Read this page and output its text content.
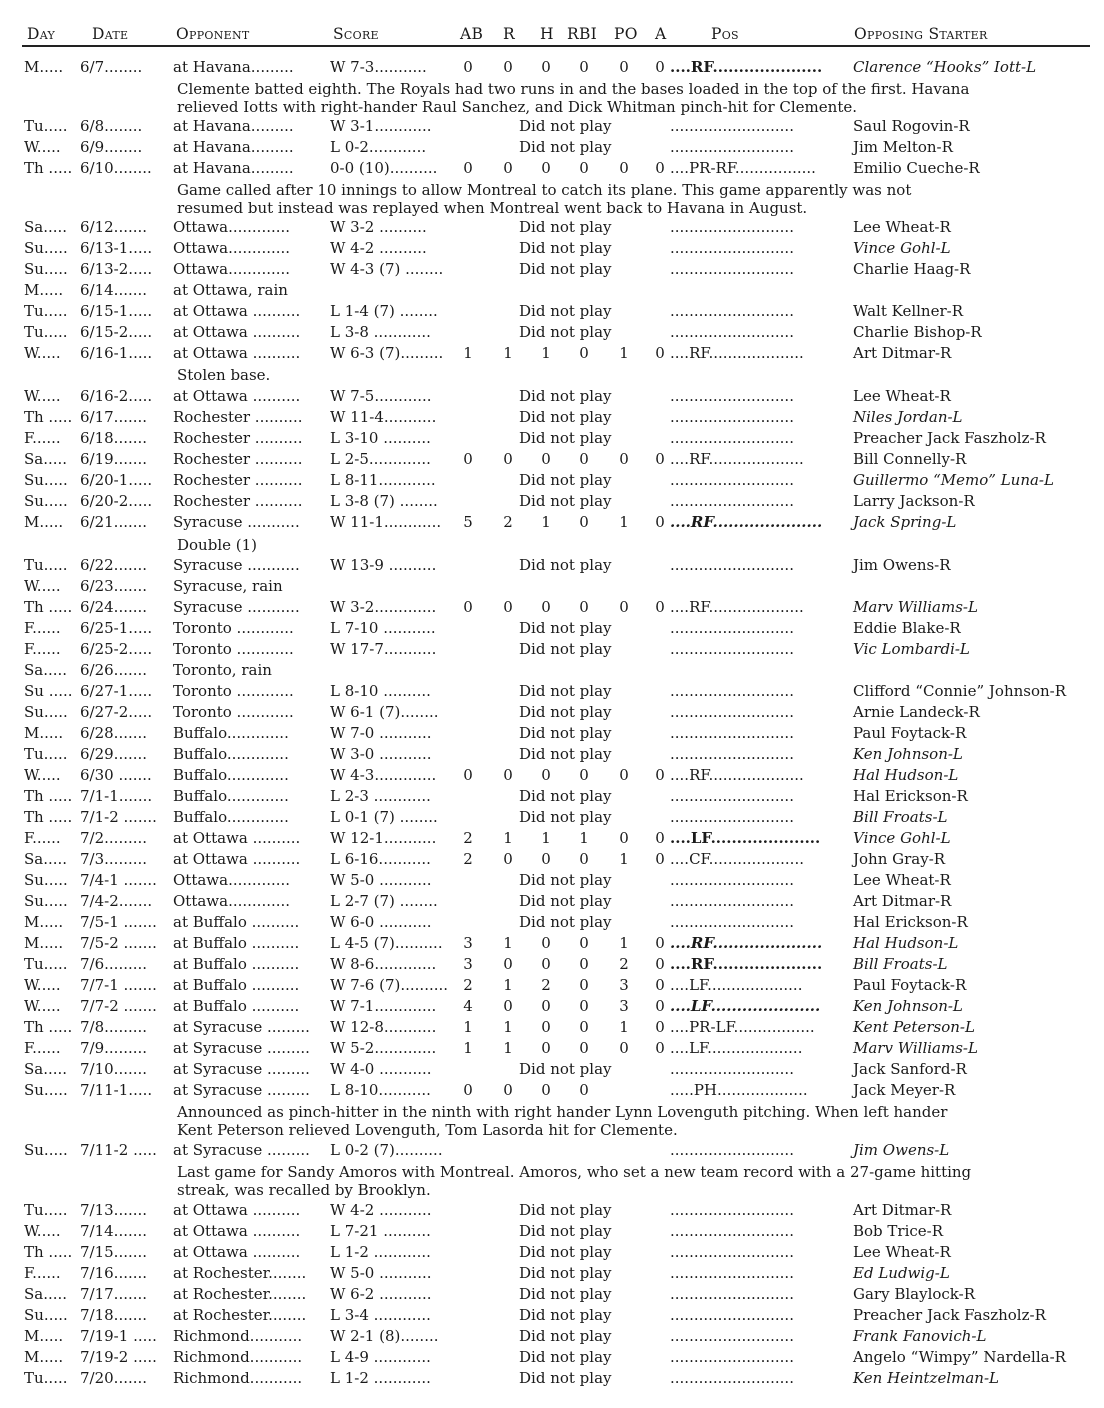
Day Date	Opponent	Score	AB R H RBI PO A	Pos	Opposing Starter
M.....	6/7........	at Havana.........	W 7-3...........	0	0	0	0	0	0 ....RF.....................	Clarence “Hooks” Iott-L
Clemente batted eighth. The Royals had two runs in and the bases loaded in the top of the first. Havana relieved Iotts with right-hander Raul Sanchez, and Dick Whitman pinch-hit for Clemente.
Tu..... 6/8........	at Havana.........	W 3-1............	Did not play	..........................	Saul Rogovin-R
W.....	6/9........	at Havana.........	L 0-2............	Did not play	..........................	Jim Melton-R
Th ..... 6/10........	at Havana.........	0-0 (10)..........	0	0	0	0	0	0 ....PR-RF.................	Emilio Cueche-R
Game called after 10 innings to allow Montreal to catch its plane. This game apparently was not resumed but instead was replayed when Montreal went back to Havana in August.
Sa..... 6/12.......	Ottawa.............	W 3-2 ..........	Did not play	..........................	Lee Wheat-R
Su..... 6/13-1.....	Ottawa.............	W 4-2 ..........	Did not play	..........................	Vince Gohl-L
Su..... 6/13-2.....	Ottawa.............	W 4-3 (7) ........	Did not play	..........................	Charlie Haag-R
M.....	6/14.......	at Ottawa, rain
Tu..... 6/15-1.....	at Ottawa ..........	L 1-4 (7) ........	Did not play	..........................	Walt Kellner-R
Tu..... 6/15-2.....	at Ottawa ..........	L 3-8 ............	Did not play	..........................	Charlie Bishop-R
W.....	6/16-1.....	at Ottawa ..........	W 6-3 (7).........	1	1	1	0	1	0 ....RF....................	Art Ditmar-R
Stolen base.
W.....	6/16-2.....	at Ottawa ..........	W 7-5............	Did not play	..........................	Lee Wheat-R
Th ..... 6/17.......	Rochester ..........	W 11-4...........	Did not play	..........................	Niles Jordan-L
F......	6/18.......	Rochester ..........	L 3-10 ..........	Did not play	..........................	Preacher Jack Faszholz-R
Sa..... 6/19.......	Rochester ..........	L 2-5.............	0	0	0	0	0	0 ....RF....................	Bill Connelly-R
Su..... 6/20-1.....	Rochester ..........	L 8-11............	Did not play	..........................	Guillermo “Memo” Luna-L
Su..... 6/20-2.....	Rochester ..........	L 3-8 (7) ........	Did not play	..........................	Larry Jackson-R
M.....	6/21.......	Syracuse ...........	W 11-1............	5	2	1	0	1	0 ....RF.....................	Jack Spring-L
Double (1)
Tu..... 6/22.......	Syracuse ...........	W 13-9 ..........	Did not play	..........................	Jim Owens-R
W.....	6/23.......	Syracuse, rain
Th ..... 6/24.......	Syracuse ...........	W 3-2.............	0	0	0	0	0	0 ....RF....................	Marv Williams-L
F......	6/25-1.....	Toronto ............	L 7-10 ...........	Did not play	..........................	Eddie Blake-R
F......	6/25-2.....	Toronto ............	W 17-7...........	Did not play	..........................	Vic Lombardi-L
Sa..... 6/26.......	Toronto, rain
Su ..... 6/27-1.....	Toronto ............	L 8-10 ..........	Did not play	..........................	Clifford “Connie” Johnson-R
Su..... 6/27-2.....	Toronto ............	W 6-1 (7)........	Did not play	..........................	Arnie Landeck-R
M.....	6/28.......	Buffalo.............	W 7-0 ...........	Did not play	..........................	Paul Foytack-R
Tu..... 6/29.......	Buffalo.............	W 3-0 ...........	Did not play	..........................	Ken Johnson-L
W.....	6/30 .......	Buffalo.............	W 4-3.............	0	0	0	0	0	0 ....RF....................	Hal Hudson-L
Th ..... 7/1-1.......	Buffalo.............	L 2-3 ............	Did not play	..........................	Hal Erickson-R
Th ..... 7/1-2 .......	Buffalo.............	L 0-1 (7) ........	Did not play	..........................	Bill Froats-L
F......	7/2.........	at Ottawa ..........	W 12-1...........	2	1	1	1	0	0 ....LF.....................	Vince Gohl-L
Sa..... 7/3.........	at Ottawa ..........	L 6-16...........	2	0	0	0	1	0 ....CF....................	John Gray-R
Su..... 7/4-1 .......	Ottawa.............	W 5-0 ...........	Did not play	..........................	Lee Wheat-R
Su..... 7/4-2.......	Ottawa.............	L 2-7 (7) ........	Did not play	..........................	Art Ditmar-R
M.....	7/5-1 .......	at Buffalo ..........	W 6-0 ...........	Did not play	..........................	Hal Erickson-R
M.....	7/5-2 .......	at Buffalo ..........	L 4-5 (7)..........	3	1	0	0	1	0 ....RF.....................	Hal Hudson-L
Tu..... 7/6.........	at Buffalo ..........	W 8-6.............	3	0	0	0	2	0 ....RF.....................	Bill Froats-L
W.....	7/7-1 .......	at Buffalo ..........	W 7-6 (7)..........	2	1	2	0	3	0 ....LF....................	Paul Foytack-R
W.....	7/7-2 .......	at Buffalo ..........	W 7-1.............	4	0	0	0	3	0 ....LF.....................	Ken Johnson-L
Th ..... 7/8.........	at Syracuse .........	W 12-8...........	1	1	0	0	1	0 ....PR-LF.................	Kent Peterson-L
F......	7/9.........	at Syracuse .........	W 5-2.............	1	1	0	0	0	0 ....LF....................	Marv Williams-L
Sa..... 7/10.......	at Syracuse .........	W 4-0 ...........	Did not play	..........................	Jack Sanford-R
Su..... 7/11-1.....	at Syracuse .........	L 8-10...........	0	0	0	0	.....PH...................	Jack Meyer-R
Announced as pinch-hitter in the ninth with right hander Lynn Lovenguth pitching. When left hander Kent Peterson relieved Lovenguth, Tom Lasorda hit for Clemente.
Su..... 7/11-2 .....	at Syracuse .........	L 0-2 (7)..........	..........................	Jim Owens-L
Last game for Sandy Amoros with Montreal. Amoros, who set a new team record with a 27-game hitting streak, was recalled by Brooklyn.
Tu..... 7/13.......	at Ottawa ..........	W 4-2 ...........	Did not play	..........................	Art Ditmar-R
W.....	7/14.......	at Ottawa ..........	L 7-21 ..........	Did not play	..........................	Bob Trice-R
Th ..... 7/15.......	at Ottawa ..........	L 1-2 ............	Did not play	..........................	Lee Wheat-R
F......	7/16.......	at Rochester........	W 5-0 ...........	Did not play	..........................	Ed Ludwig-L
Sa..... 7/17.......	at Rochester........	W 6-2 ...........	Did not play	..........................	Gary Blaylock-R
Su..... 7/18.......	at Rochester........	L 3-4 ............	Did not play	..........................	Preacher Jack Faszholz-R
M.....	7/19-1 .....	Richmond...........	W 2-1 (8)........	Did not play	..........................	Frank Fanovich-L
M.....	7/19-2 .....	Richmond...........	L 4-9 ............	Did not play	..........................	Angelo “Wimpy” Nardella-R
Tu..... 7/20.......	Richmond...........	L 1-2 ............	Did not play	..........................	Ken Heintzelman-L
